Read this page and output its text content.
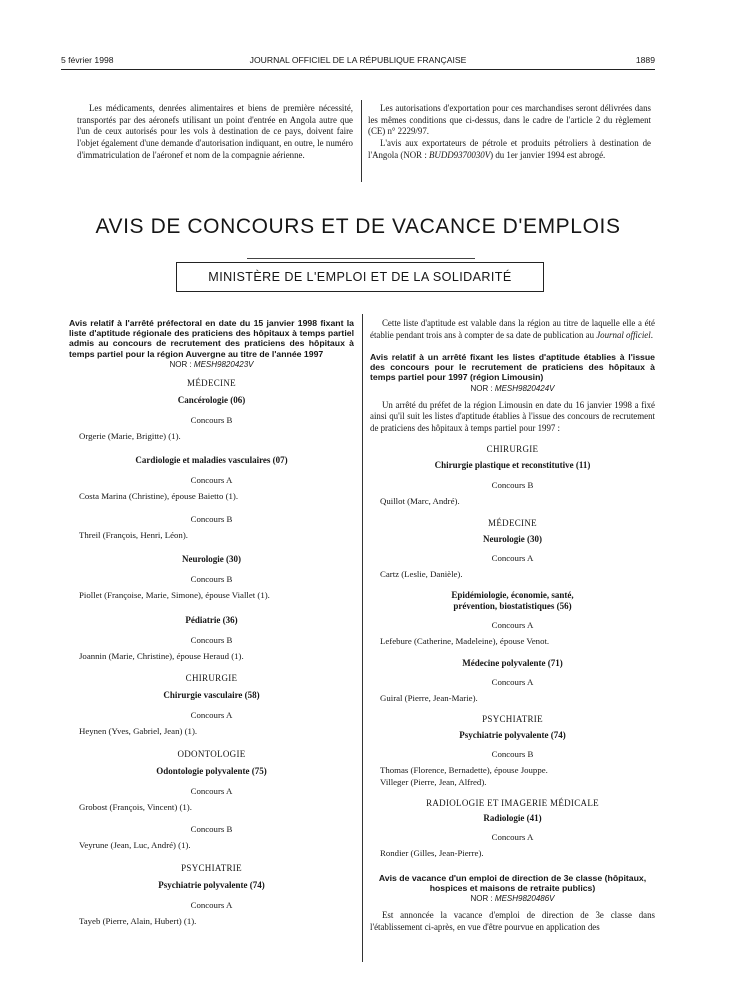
5 février 1998	JOURNAL OFFICIEL DE LA RÉPUBLIQUE FRANÇAISE	1889

Les médicaments, denrées alimentaires et biens de première nécessité, transportés par des aéronefs utilisant un point d'entrée en Angola autre que l'un de ceux autorisés pour les vols à destination de ce pays, doivent faire l'objet également d'une demande d'autorisation indiquant, en outre, le numéro d'immatriculation de l'aéronef et nom de la compagnie aérienne.

Les autorisations d'exportation pour ces marchandises seront délivrées dans les mêmes conditions que ci-dessus, dans le cadre de l'article 2 du règlement (CE) n° 2229/97.

L'avis aux exportateurs de pétrole et produits pétroliers à destination de l'Angola (NOR : BUDD9370030V) du 1er janvier 1994 est abrogé.

AVIS DE CONCOURS ET DE VACANCE D'EMPLOIS
MINISTÈRE DE L'EMPLOI ET DE LA SOLIDARITÉ
Avis relatif à l'arrêté préfectoral en date du 15 janvier 1998 fixant la liste d'aptitude régionale des praticiens des hôpitaux à temps partiel admis au concours de recrutement des praticiens des hôpitaux à temps partiel pour la région Auvergne au titre de l'année 1997
NOR : MESH9820423V
MÉDECINE
Cancérologie (06)
Concours B
Orgerie (Marie, Brigitte) (1).
Cardiologie et maladies vasculaires (07)
Concours A
Costa Marina (Christine), épouse Baietto (1).
Concours B
Threil (François, Henri, Léon).
Neurologie (30)
Concours B
Piollet (Françoise, Marie, Simone), épouse Viallet (1).
Pédiatrie (36)
Concours B
Joannin (Marie, Christine), épouse Heraud (1).
CHIRURGIE
Chirurgie vasculaire (58)
Concours A
Heynen (Yves, Gabriel, Jean) (1).
ODONTOLOGIE
Odontologie polyvalente (75)
Concours A
Grobost (François, Vincent) (1).
Concours B
Veyrune (Jean, Luc, André) (1).
PSYCHIATRIE
Psychiatrie polyvalente (74)
Concours A
Tayeb (Pierre, Alain, Hubert) (1).

Cette liste d'aptitude est valable dans la région au titre de laquelle elle a été établie pendant trois ans à compter de sa date de publication au Journal officiel.

Avis relatif à un arrêté fixant les listes d'aptitude établies à l'issue des concours pour le recrutement de praticiens des hôpitaux à temps partiel pour 1997 (région Limousin)
NOR : MESH9820424V

Un arrêté du préfet de la région Limousin en date du 16 janvier 1998 a fixé ainsi qu'il suit les listes d'aptitude établies à l'issue des concours de recrutement de praticiens des hôpitaux à temps partiel pour 1997 :

CHIRURGIE
Chirurgie plastique et reconstitutive (11)
Concours B
Quillot (Marc, André).
MÉDECINE
Neurologie (30)
Concours A
Cartz (Leslie, Danièle).
Epidémiologie, économie, santé,
prévention, biostatistiques (56)
Concours A
Lefebure (Catherine, Madeleine), épouse Venot.
Médecine polyvalente (71)
Concours A
Guiral (Pierre, Jean-Marie).
PSYCHIATRIE
Psychiatrie polyvalente (74)
Concours B
Thomas (Florence, Bernadette), épouse Jouppe.
Villeger (Pierre, Jean, Alfred).
RADIOLOGIE ET IMAGERIE MÉDICALE
Radiologie (41)
Concours A
Rondier (Gilles, Jean-Pierre).
Avis de vacance d'un emploi de direction de 3e classe (hôpitaux, hospices et maisons de retraite publics)
NOR : MESH9820486V

Est annoncée la vacance d'emploi de direction de 3e classe dans l'établissement ci-après, en vue d'être pourvue en application des
